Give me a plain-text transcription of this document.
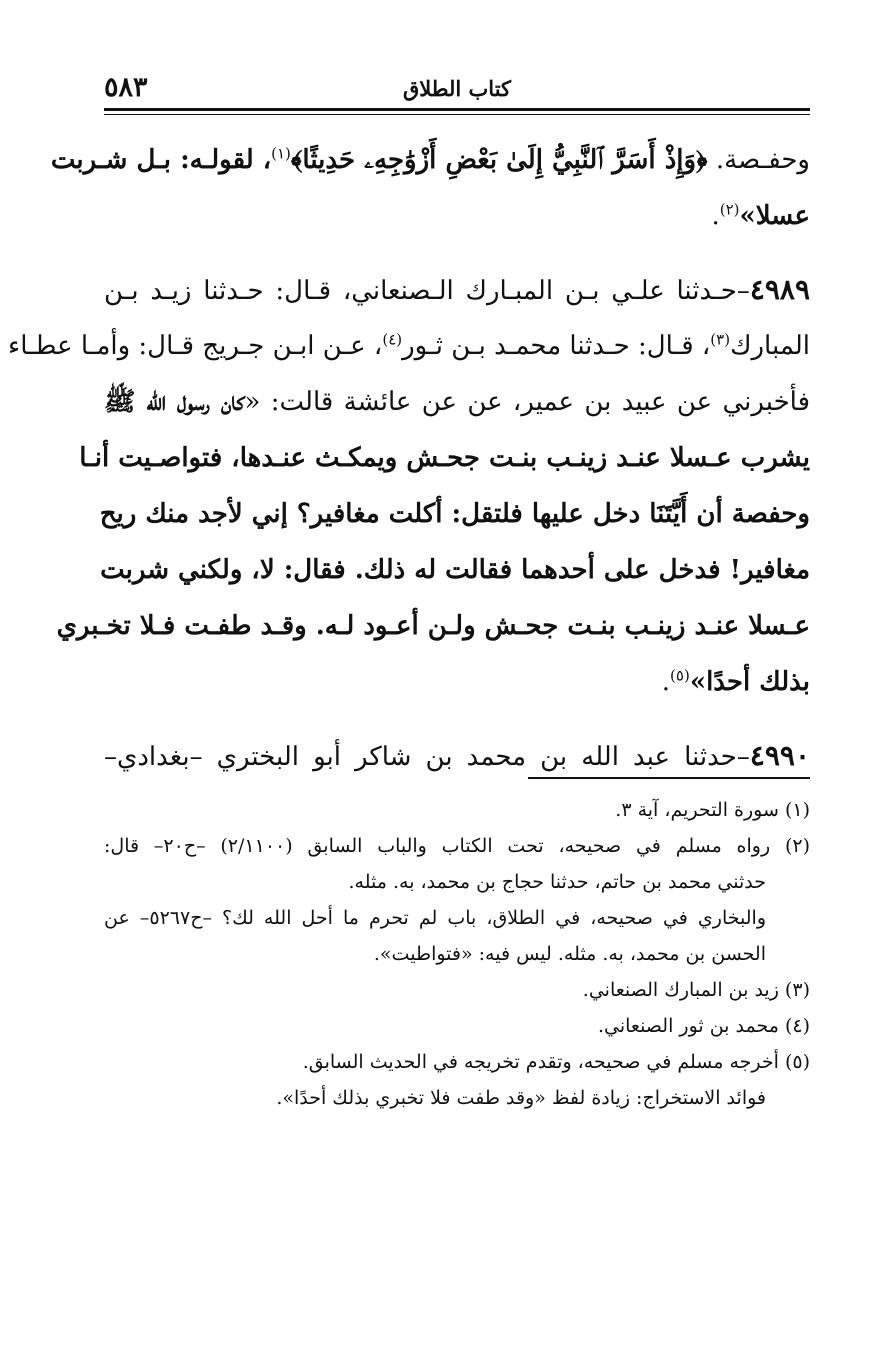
٥٨٣	كتاب الطلاق
وحفـصة. ﴿وَإِذْ أَسَرَّ ٱلنَّبِيُّ إِلَىٰ بَعْضِ أَزْوَٰجِهِۦ حَدِيثًا﴾$^{(١)}$، لقولـه: بـل شـربت
عسلا»$^{(٢)}$.
٤٩٨٩–حـدثنا علـي بـن المبـارك الـصنعاني، قـال: حـدثنا زيـد بـن
المبارك$^{(٣)}$، قـال: حـدثنا محمـد بـن ثـور$^{(٤)}$، عـن ابـن جـريج قـال: وأمـا عطـاء
فأخبرني عن عبيد بن عمير، عن عن عائشة قالت: «كان رسول الله ﷺ
يشرب عـسلا عنـد زينـب بنـت جحـش ويمكـث عنـدها، فتواصـيت أنـا
وحفصة أن أَيَّتَنَا دخل عليها فلتقل: أكلت مغافير؟ إني لأجد منك ريح
مغافير! فدخل على أحدهما فقالت له ذلك. فقال: لا، ولكني شربت
عـسلا عنـد زينـب بنـت جحـش ولـن أعـود لـه. وقـد طفـت فـلا تخـبري
بذلك أحدًا»$^{(٥)}$.
٤٩٩٠–حدثنا عبد الله بن محمد بن شاكر أبو البختري –بغدادي–
(١) سورة التحريم، آية ٣.
(٢) رواه مسلم في صحيحه، تحت الكتاب والباب السابق (٢/١١٠٠) –ح٢٠– قال:
حدثني محمد بن حاتم، حدثنا حجاج بن محمد، به. مثله.
والبخاري في صحيحه، في الطلاق، باب لم تحرم ما أحل الله لك؟ –ح٥٢٦٧– عن
الحسن بن محمد، به. مثله. ليس فيه: «فتواطيت».
(٣) زيد بن المبارك الصنعاني.
(٤) محمد بن ثور الصنعاني.
(٥) أخرجه مسلم في صحيحه، وتقدم تخريجه في الحديث السابق.
فوائد الاستخراج: زيادة لفظ «وقد طفت فلا تخبري بذلك أحدًا».
